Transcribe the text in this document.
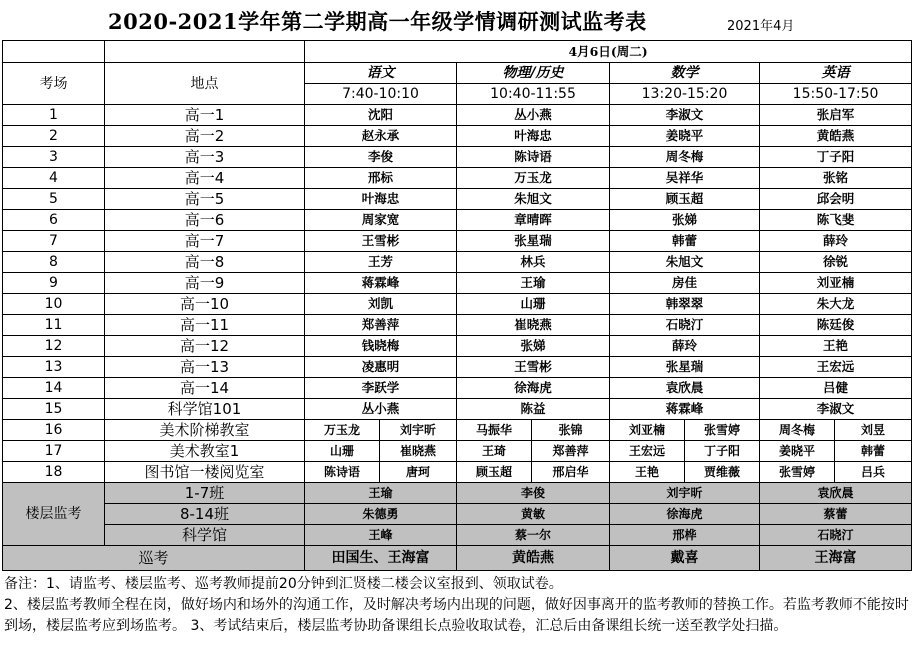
2020-2021学年第二学期高一年级学情调研测试监考表	2021年4月
		4月6日(周二)							
考场	地点	语文		物理/历史		数学		英语	
		7:40-10:10		10:40-11:55		13:20-15:20		15:50-17:50	
1	高一1	沈阳		丛小燕		李淑文		张启军	
2	高一2	赵永承		叶海忠		姜晓平		黄皓燕	
3	高一3	李俊		陈诗语		周冬梅		丁子阳	
4	高一4	邢标		万玉龙		吴祥华		张铭	
5	高一5	叶海忠		朱旭文		顾玉超		邱会明	
6	高一6	周家宽		章晴晖		张娣		陈飞斐	
7	高一7	王雪彬		张星瑞		韩蕾		薛玲	
8	高一8	王芳		林兵		朱旭文		徐锐	
9	高一9	蒋霖峰		王瑜		房佳		刘亚楠	
10	高一10	刘凯		山珊		韩翠翠		朱大龙	
11	高一11	郑善萍		崔晓燕		石晓汀		陈廷俊	
12	高一12	钱晓梅		张娣		薛玲		王艳	
13	高一13	凌惠明		王雪彬		张星瑞		王宏远	
14	高一14	李跃学		徐海虎		袁欣晨		吕健	
15	科学馆101	丛小燕		陈益		蒋霖峰		李淑文	
16	美术阶梯教室	万玉龙	刘宇昕	马振华	张锦	刘亚楠	张雪婷	周冬梅	刘昱
17	美术教室1	山珊	崔晓燕	王琦	郑善萍	王宏远	丁子阳	姜晓平	韩蕾
18	图书馆一楼阅览室	陈诗语	唐珂	顾玉超	邢启华	王艳	贾维薇	张雪婷	吕兵
楼层监考	1-7班	王瑜		李俊		刘宇昕		袁欣晨	
	8-14班	朱德勇		黄敏		徐海虎		蔡蕾	
	科学馆	王峰		蔡一尔		邢桦		石晓汀	
巡考		田国生、王海富		黄皓燕		戴喜		王海富	

备注：1、请监考、楼层监考、巡考教师提前20分钟到汇贤楼二楼会议室报到、领取试卷。

2、楼层监考教师全程在岗，做好场内和场外的沟通工作，及时解决考场内出现的问题，做好因事离开的监考教师的替换工作。若监考教师不能按时到场，楼层监考应到场监考。 3、考试结束后，楼层监考协助备课组长点验收取试卷，汇总后由备课组长统一送至教学处扫描。
